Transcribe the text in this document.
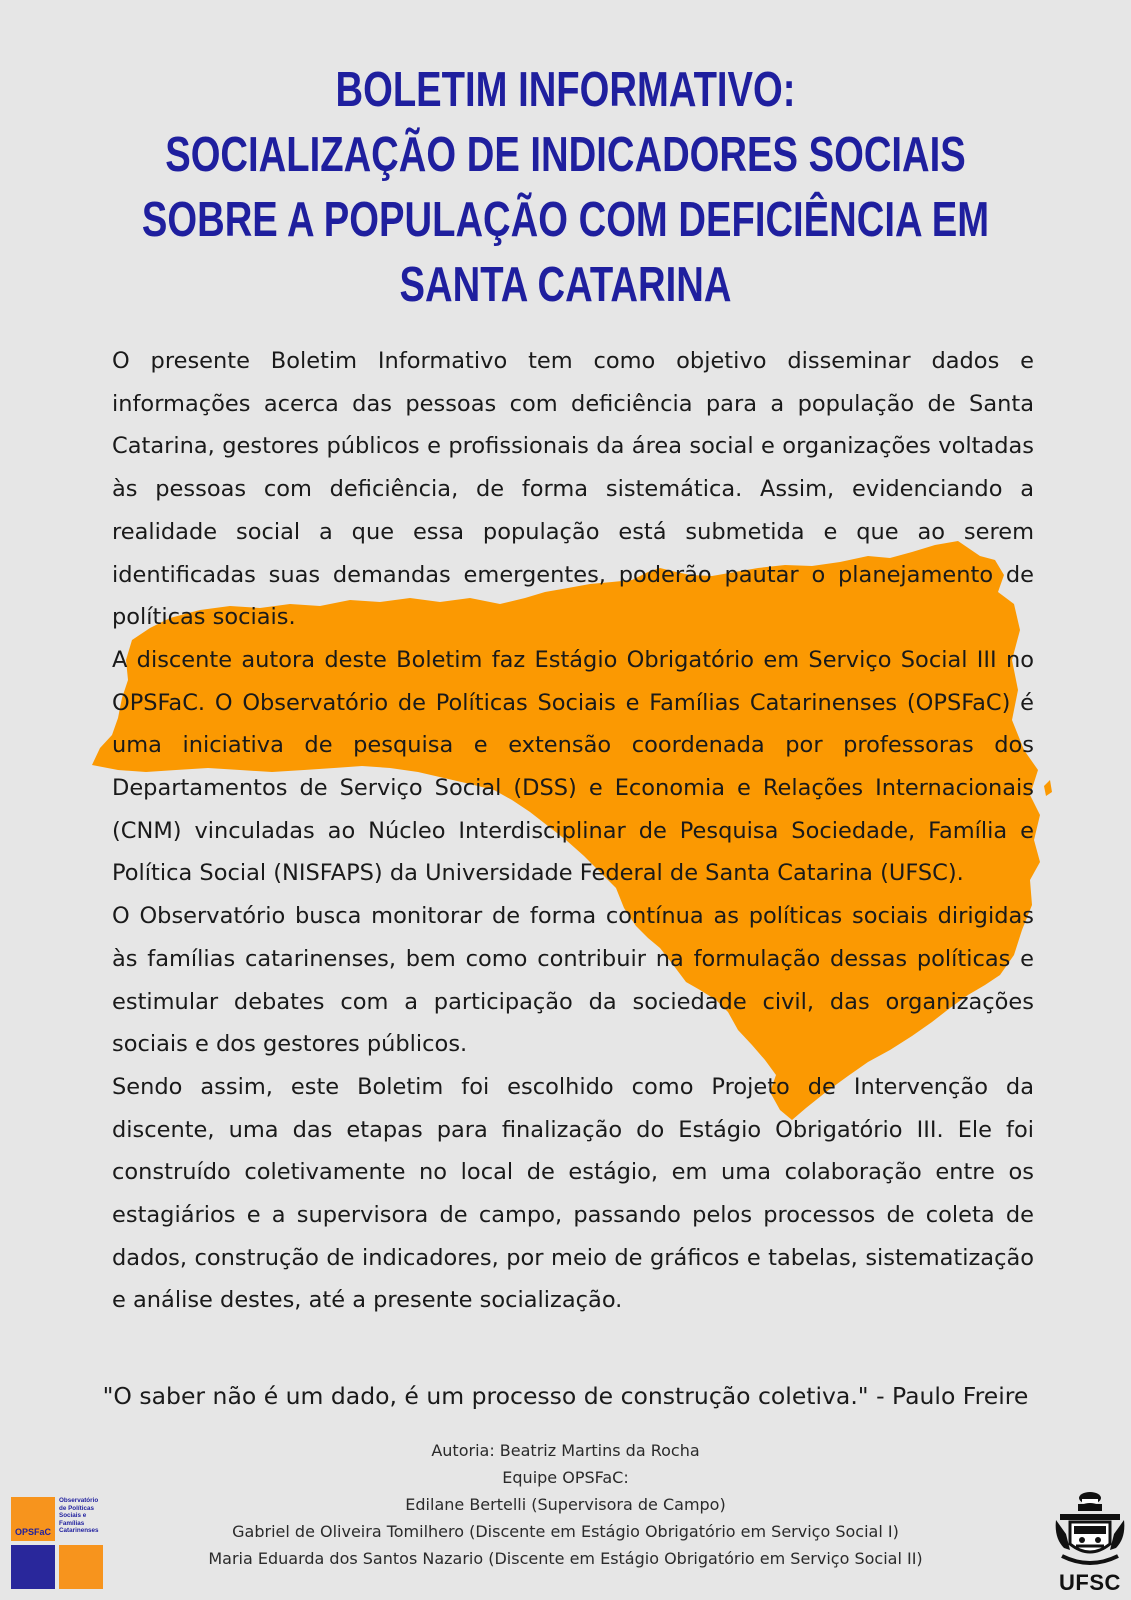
BOLETIM INFORMATIVO:
SOCIALIZAÇÃO DE INDICADORES SOCIAIS
SOBRE A POPULAÇÃO COM DEFICIÊNCIA EM
SANTA CATARINA

O presente Boletim Informativo tem como objetivo disseminar dados e informações acerca das pessoas com deficiência para a população de Santa Catarina, gestores públicos e profissionais da área social e organizações voltadas às pessoas com deficiência, de forma sistemática. Assim, evidenciando a realidade social a que essa população está submetida e que ao serem identificadas suas demandas emergentes, poderão pautar o planejamento de políticas sociais.

A discente autora deste Boletim faz Estágio Obrigatório em Serviço Social III no OPSFaC. O Observatório de Políticas Sociais e Famílias Catarinenses (OPSFaC) é uma iniciativa de pesquisa e extensão coordenada por professoras dos Departamentos de Serviço Social (DSS) e Economia e Relações Internacionais (CNM) vinculadas ao Núcleo Interdisciplinar de Pesquisa Sociedade, Família e Política Social (NISFAPS) da Universidade Federal de Santa Catarina (UFSC).

O Observatório busca monitorar de forma contínua as políticas sociais dirigidas às famílias catarinenses, bem como contribuir na formulação dessas políticas e estimular debates com a participação da sociedade civil, das organizações sociais e dos gestores públicos.

Sendo assim, este Boletim foi escolhido como Projeto de Intervenção da discente, uma das etapas para finalização do Estágio Obrigatório III. Ele foi construído coletivamente no local de estágio, em uma colaboração entre os estagiários e a supervisora de campo, passando pelos processos de coleta de dados, construção de indicadores, por meio de gráficos e tabelas, sistematização e análise destes, até a presente socialização.

"O saber não é um dado, é um processo de construção coletiva." - Paulo Freire
Autoria: Beatriz Martins da Rocha
Equipe OPSFaC:
Edilane Bertelli (Supervisora de Campo)
Gabriel de Oliveira Tomilhero (Discente em Estágio Obrigatório em Serviço Social I)
Maria Eduarda dos Santos Nazario (Discente em Estágio Obrigatório em Serviço Social II)
OPSFaC
Observatório
de Políticas
Sociais e
Famílias
Catarinenses
UFSC
